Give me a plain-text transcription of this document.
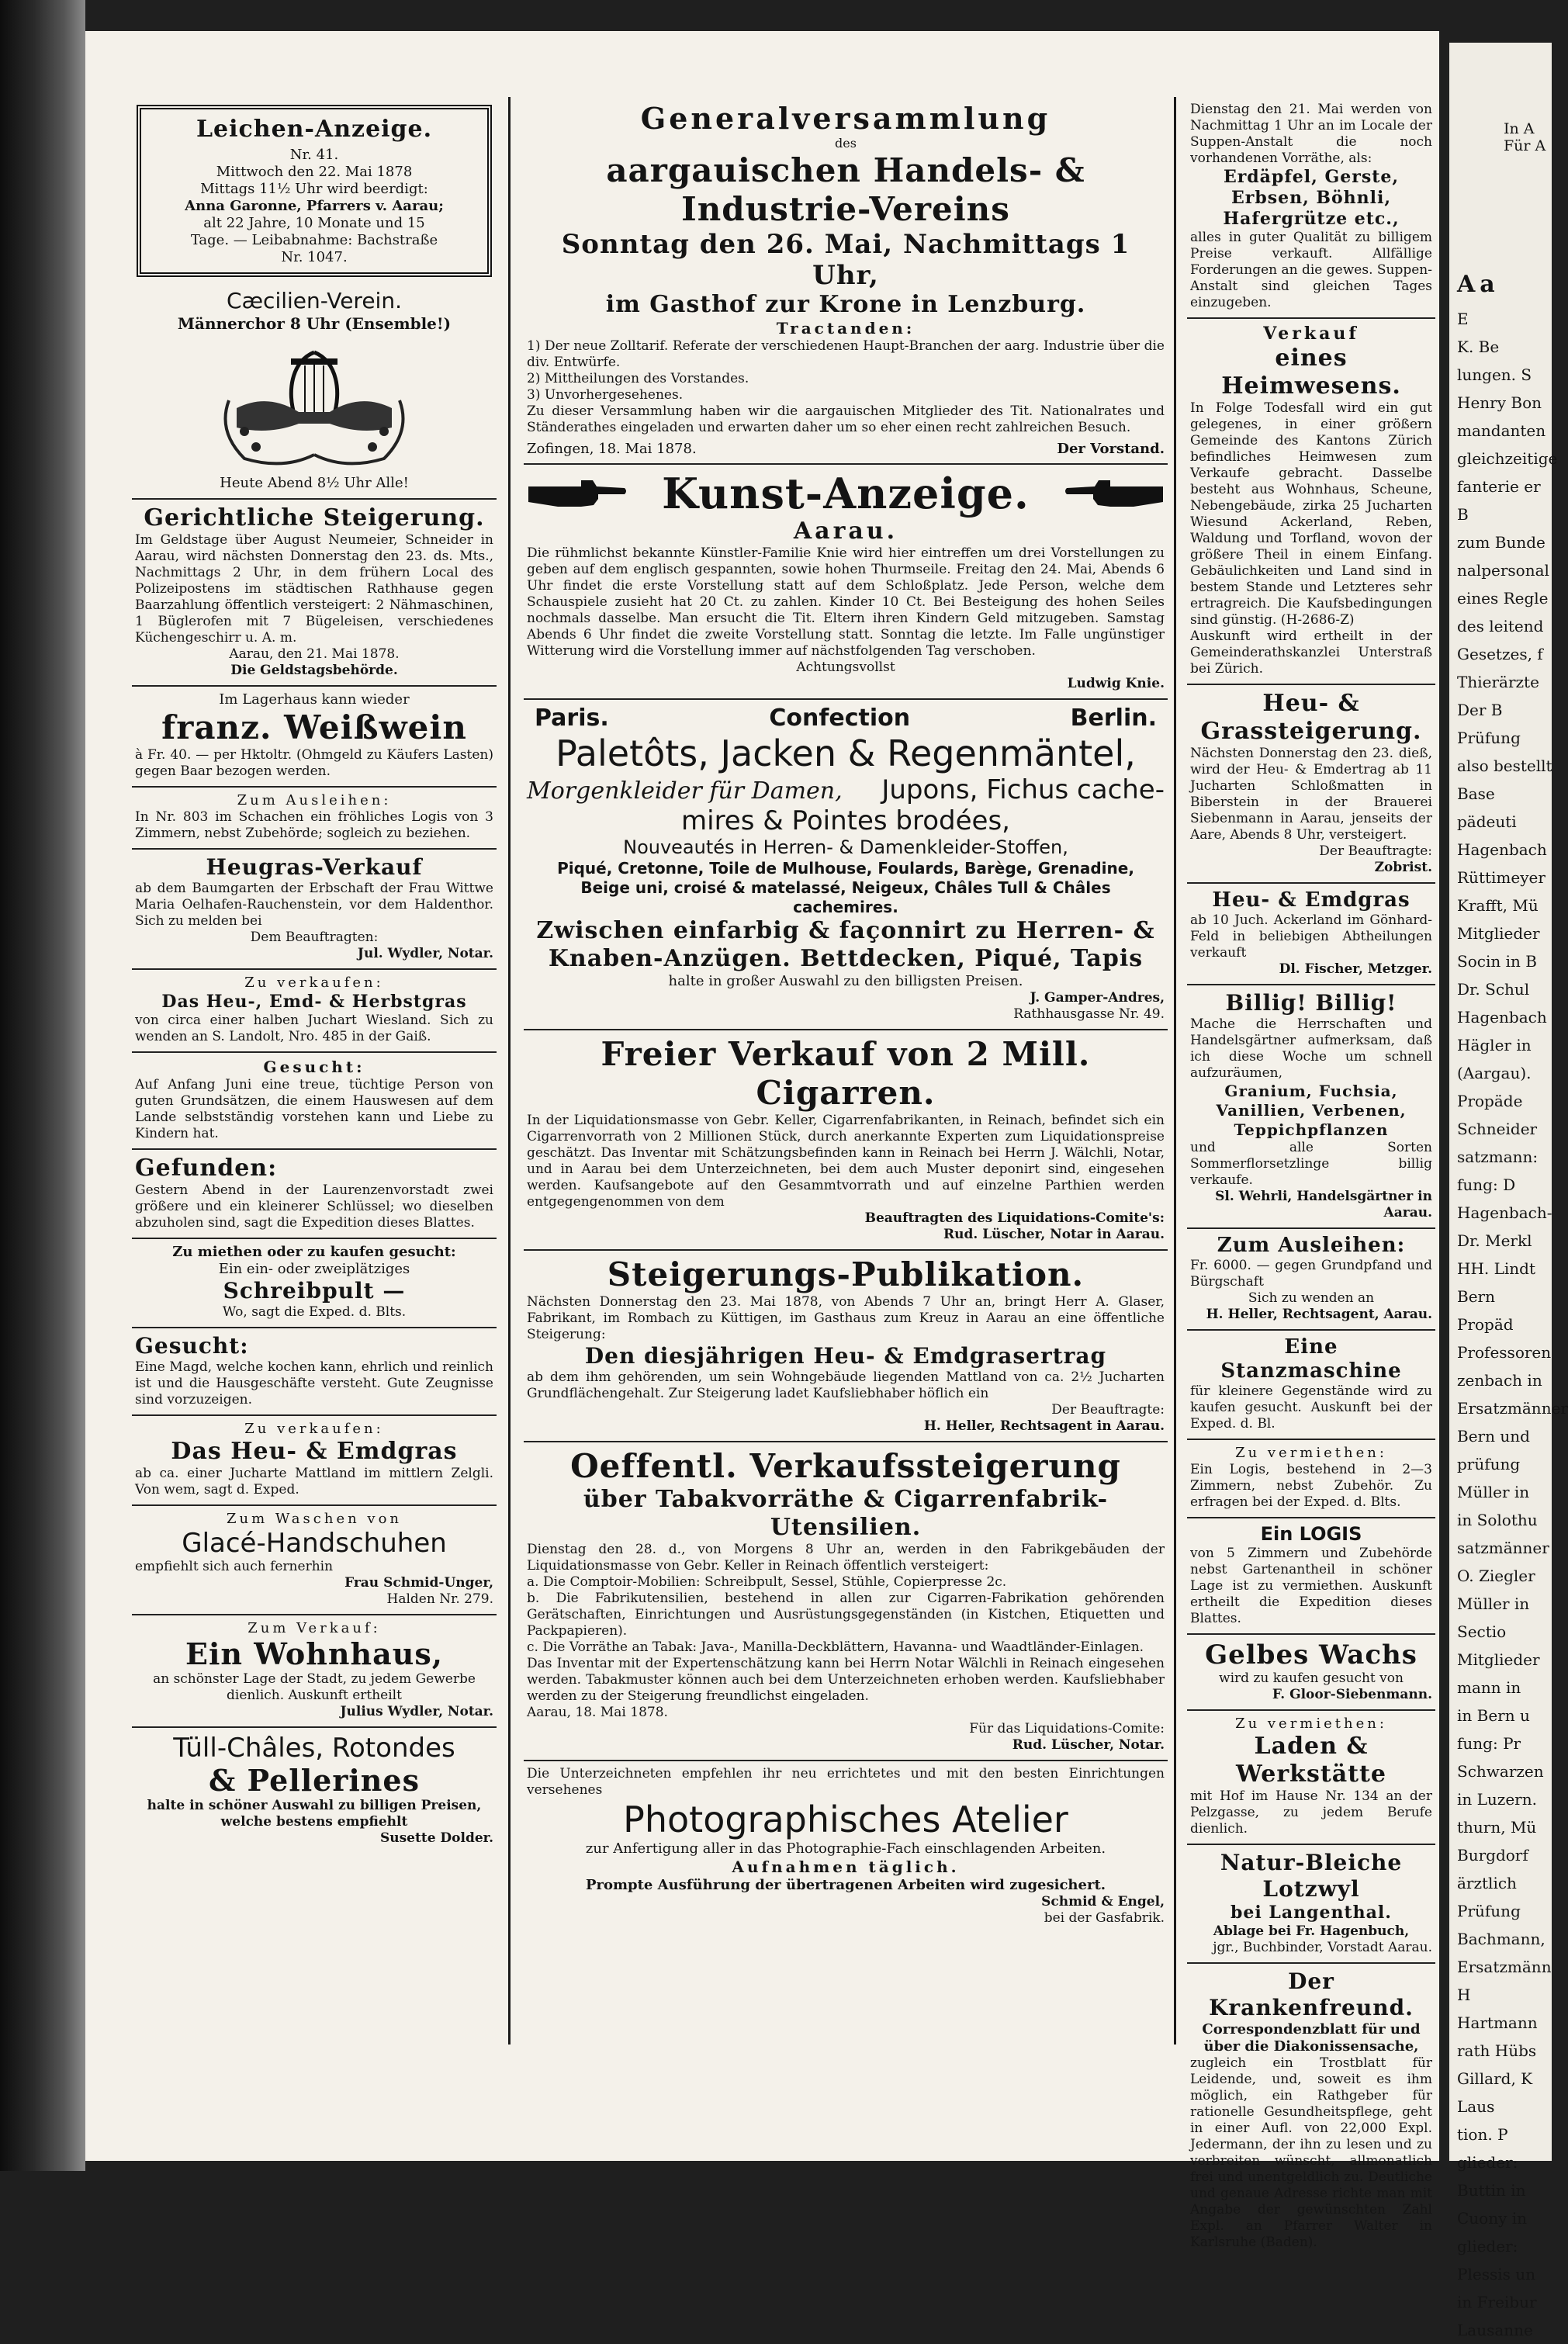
Leichen-Anzeige.
Nr. 41.
Mittwoch den 22. Mai 1878
Mittags 11½ Uhr wird beerdigt:
Anna Garonne, Pfarrers v. Aarau;
alt 22 Jahre, 10 Monate und 15
Tage. — Leibabnahme: Bachstraße
Nr. 1047.
Cæcilien-Verein.
Männerchor 8 Uhr (Ensemble!)
Heute Abend 8½ Uhr Alle!
Gerichtliche Steigerung.

Im Geldstage über August Neumeier, Schneider in Aarau, wird nächsten Donnerstag den 23. ds. Mts., Nachmittags 2 Uhr, in dem frühern Local des Polizeipostens im städtischen Rathhause gegen Baarzahlung öffentlich versteigert: 2 Nähmaschinen, 1 Büglerofen mit 7 Bügeleisen, verschiedenes Küchengeschirr u. A. m.

Aarau, den 21. Mai 1878.

Die Geldstagsbehörde.

Im Lagerhaus kann wieder
franz. Weißwein

à Fr. 40. — per Hktoltr. (Ohmgeld zu Käufers Lasten) gegen Baar bezogen werden.

Zum Ausleihen:

In Nr. 803 im Schachen ein fröhliches Logis von 3 Zimmern, nebst Zubehörde; sogleich zu beziehen.

Heugras-Verkauf

ab dem Baumgarten der Erbschaft der Frau Wittwe Maria Oelhafen-Rauchenstein, vor dem Haldenthor. Sich zu melden bei

Dem Beauftragten:

Jul. Wydler, Notar.

Zu verkaufen:
Das Heu-, Emd- & Herbstgras

von circa einer halben Juchart Wiesland. Sich zu wenden an S. Landolt, Nro. 485 in der Gaiß.

Gesucht:

Auf Anfang Juni eine treue, tüchtige Person von guten Grundsätzen, die einem Hauswesen auf dem Lande selbstständig vorstehen kann und Liebe zu Kindern hat.

Gefunden:

Gestern Abend in der Laurenzenvorstadt zwei größere und ein kleinerer Schlüssel; wo dieselben abzuholen sind, sagt die Expedition dieses Blattes.

Zu miethen oder zu kaufen gesucht:
Ein ein- oder zweiplätziges
Schreibpult —

Wo, sagt die Exped. d. Blts.

Gesucht:

Eine Magd, welche kochen kann, ehrlich und reinlich ist und die Hausgeschäfte versteht. Gute Zeugnisse sind vorzuzeigen.

Zu verkaufen:
Das Heu- & Emdgras

ab ca. einer Jucharte Mattland im mittlern Zelgli. Von wem, sagt d. Exped.

Zum Waschen von
Glacé-Handschuhen

empfiehlt sich auch fernerhin

Frau Schmid-Unger,

Halden Nr. 279.

Zum Verkauf:
Ein Wohnhaus,

an schönster Lage der Stadt, zu jedem Gewerbe dienlich. Auskunft ertheilt

Julius Wydler, Notar.

Tüll-Châles, Rotondes
& Pellerines

halte in schöner Auswahl zu billigen Preisen, welche bestens empfiehlt

Susette Dolder.

Generalversammlung
des
aargauischen Handels- & Industrie-Vereins
Sonntag den 26. Mai, Nachmittags 1 Uhr,
im Gasthof zur Krone in Lenzburg.
Tractanden:

1) Der neue Zolltarif. Referate der verschiedenen Haupt-Branchen der aarg. Industrie über die div. Entwürfe.

2) Mittheilungen des Vorstandes.

3) Unvorhergesehenes.

Zu dieser Versammlung haben wir die aargauischen Mitglieder des Tit. Nationalrates und Ständerathes eingeladen und erwarten daher um so eher einen recht zahlreichen Besuch.

Zofingen, 18. Mai 1878.	Der Vorstand.
Kunst-Anzeige.
Aarau.

Die rühmlichst bekannte Künstler-Familie Knie wird hier eintreffen um drei Vorstellungen zu geben auf dem englisch gespannten, sowie hohen Thurmseile. Freitag den 24. Mai, Abends 6 Uhr findet die erste Vorstellung statt auf dem Schloßplatz. Jede Person, welche dem Schauspiele zusieht hat 20 Ct. zu zahlen. Kinder 10 Ct. Bei Besteigung des hohen Seiles nochmals dasselbe. Man ersucht die Tit. Eltern ihren Kindern Geld mitzugeben. Samstag Abends 6 Uhr findet die zweite Vorstellung statt. Sonntag die letzte. Im Falle ungünstiger Witterung wird die Vorstellung immer auf nächstfolgenden Tag verschoben.

Achtungsvollst

Ludwig Knie.

Paris.	Confection	Berlin.
Paletôts, Jacken & Regenmäntel,
Morgenkleider für Damen, Jupons, Fichus cache-
mires & Pointes brodées,
Nouveautés in Herren- & Damenkleider-Stoffen,
Piqué, Cretonne, Toile de Mulhouse, Foulards, Barège, Grenadine,
Beige uni, croisé & matelassé, Neigeux, Châles Tull & Châles cachemires.
Zwischen einfarbig & façonnirt zu Herren- &
Knaben-Anzügen. Bettdecken, Piqué, Tapis
halte in großer Auswahl zu den billigsten Preisen.

J. Gamper-Andres,

Rathhausgasse Nr. 49.

Freier Verkauf von 2 Mill. Cigarren.

In der Liquidationsmasse von Gebr. Keller, Cigarrenfabrikanten, in Reinach, befindet sich ein Cigarrenvorrath von 2 Millionen Stück, durch anerkannte Experten zum Liquidationspreise geschätzt. Das Inventar mit Schätzungsbefinden kann in Reinach bei Herrn J. Wälchli, Notar, und in Aarau bei dem Unterzeichneten, bei dem auch Muster deponirt sind, eingesehen werden. Kaufsangebote auf den Gesammtvorrath und auf einzelne Parthien werden entgegengenommen von dem

Beauftragten des Liquidations-Comite's:

Rud. Lüscher, Notar in Aarau.

Steigerungs-Publikation.

Nächsten Donnerstag den 23. Mai 1878, von Abends 7 Uhr an, bringt Herr A. Glaser, Fabrikant, im Rombach zu Küttigen, im Gasthaus zum Kreuz in Aarau an eine öffentliche Steigerung:

Den diesjährigen Heu- & Emdgrasertrag

ab dem ihm gehörenden, um sein Wohngebäude liegenden Mattland von ca. 2½ Jucharten Grundflächengehalt. Zur Steigerung ladet Kaufsliebhaber höflich ein

Der Beauftragte:

H. Heller, Rechtsagent in Aarau.

Oeffentl. Verkaufssteigerung
über Tabakvorräthe & Cigarrenfabrik-Utensilien.

Dienstag den 28. d., von Morgens 8 Uhr an, werden in den Fabrikgebäuden der Liquidationsmasse von Gebr. Keller in Reinach öffentlich versteigert:

a. Die Comptoir-Mobilien: Schreibpult, Sessel, Stühle, Copierpresse 2c.

b. Die Fabrikutensilien, bestehend in allen zur Cigarren-Fabrikation gehörenden Gerätschaften, Einrichtungen und Ausrüstungsgegenständen (in Kistchen, Etiquetten und Packpapieren).

c. Die Vorräthe an Tabak: Java-, Manilla-Deckblättern, Havanna- und Waadtländer-Einlagen.

Das Inventar mit der Expertenschätzung kann bei Herrn Notar Wälchli in Reinach eingesehen werden. Tabakmuster können auch bei dem Unterzeichneten erhoben werden. Kaufsliebhaber werden zu der Steigerung freundlichst eingeladen.

Aarau, 18. Mai 1878.

Für das Liquidations-Comite:

Rud. Lüscher, Notar.

Die Unterzeichneten empfehlen ihr neu errichtetes und mit den besten Einrichtungen versehenes

Photographisches Atelier
zur Anfertigung aller in das Photographie-Fach einschlagenden Arbeiten.
Aufnahmen täglich.
Prompte Ausführung der übertragenen Arbeiten wird zugesichert.

Schmid & Engel,

bei der Gasfabrik.

Dienstag den 21. Mai werden von Nachmittag 1 Uhr an im Locale der Suppen-Anstalt die noch vorhandenen Vorräthe, als:

Erdäpfel, Gerste, Erbsen, Böhnli, Hafergrütze etc.,

alles in guter Qualität zu billigem Preise verkauft. Allfällige Forderungen an die gewes. Suppen-Anstalt sind gleichen Tages einzugeben.

Verkauf
eines Heimwesens.

In Folge Todesfall wird ein gut gelegenes, in einer größern Gemeinde des Kantons Zürich befindliches Heimwesen zum Verkaufe gebracht. Dasselbe besteht aus Wohnhaus, Scheune, Nebengebäude, zirka 25 Jucharten Wiesund Ackerland, Reben, Waldung und Torfland, wovon der größere Theil in einem Einfang. Gebäulichkeiten und Land sind in bestem Stande und Letzteres sehr ertragreich. Die Kaufsbedingungen sind günstig. (H-2686-Z)

Auskunft wird ertheilt in der Gemeinderathskanzlei Unterstraß bei Zürich.

Heu- & Grassteigerung.

Nächsten Donnerstag den 23. dieß, wird der Heu- & Emdertrag ab 11 Jucharten Schloßmatten in Biberstein in der Brauerei Siebenmann in Aarau, jenseits der Aare, Abends 8 Uhr, versteigert.

Der Beauftragte:

Zobrist.

Heu- & Emdgras

ab 10 Juch. Ackerland im Gönhard-Feld in beliebigen Abtheilungen verkauft

Dl. Fischer, Metzger.

Billig! Billig!

Mache die Herrschaften und Handelsgärtner aufmerksam, daß ich diese Woche um schnell aufzuräumen,

Granium, Fuchsia, Vanillien, Verbenen, Teppichpflanzen

und alle Sorten Sommerflorsetzlinge billig verkaufe.

Sl. Wehrli, Handelsgärtner in Aarau.

Zum Ausleihen:

Fr. 6000. — gegen Grundpfand und Bürgschaft

Sich zu wenden an

H. Heller, Rechtsagent, Aarau.

Eine Stanzmaschine

für kleinere Gegenstände wird zu kaufen gesucht. Auskunft bei der Exped. d. Bl.

Zu vermiethen:

Ein Logis, bestehend in 2—3 Zimmern, nebst Zubehör. Zu erfragen bei der Exped. d. Blts.

Ein LOGIS

von 5 Zimmern und Zubehörde nebst Gartenantheil in schöner Lage ist zu vermiethen. Auskunft ertheilt die Expedition dieses Blattes.

Gelbes Wachs

wird zu kaufen gesucht von

F. Gloor-Siebenmann.

Zu vermiethen:
Laden & Werkstätte

mit Hof im Hause Nr. 134 an der Pelzgasse, zu jedem Berufe dienlich.

Natur-Bleiche Lotzwyl
bei Langenthal.

Ablage bei Fr. Hagenbuch,

jgr., Buchbinder, Vorstadt Aarau.

Der Krankenfreund.
Correspondenzblatt für und über die Diakonissensache,

zugleich ein Trostblatt für Leidende, und, soweit es ihm möglich, ein Rathgeber für rationelle Gesundheitspflege, geht in einer Aufl. von 22,000 Expl. Jedermann, der ihn zu lesen und zu verbreiten wünscht, allmonatlich frei und unentgeldlich zu. Deutliche und genaue Adresse richte man mit Angabe der gewünschten Zahl Expl. an Pfarrer Walter in Karlsruhe (Baden).

In A
Für A
Aa
E
K. Be
lungen. S
Henry Bon
mandanten
gleichzeitige
fanterie er
B
zum Bunde
nalpersonal
eines Regle
des leitend
Gesetzes, f
Thierärzte
Der B
Prüfung
also bestellt
Base
pädeuti
Hagenbach
Rüttimeyer
Krafft, Mü
Mitglieder
Socin in B
Dr. Schul
Hagenbach
Hägler in
(Aargau).
Propäde
Schneider
satzmann:
fung: D
Hagenbach-
Dr. Merkl
HH. Lindt
Bern
Propäd
Professoren
zenbach in
Ersatzmänner
Bern und
prüfung
Müller in
in Solothu
satzmänner
O. Ziegler
Müller in
Sectio
Mitglieder
mann in
in Bern u
fung: Pr
Schwarzen
in Luzern.
thurn, Mü
Burgdorf
ärztlich
Prüfung
Bachmann,
Ersatzmänn
H
Hartmann
rath Hübs
Gillard, K
Laus
tion. P
glieder:
Buttin in
Cuony in
glieder:
Plessis un
in Freibur
Lausanne
